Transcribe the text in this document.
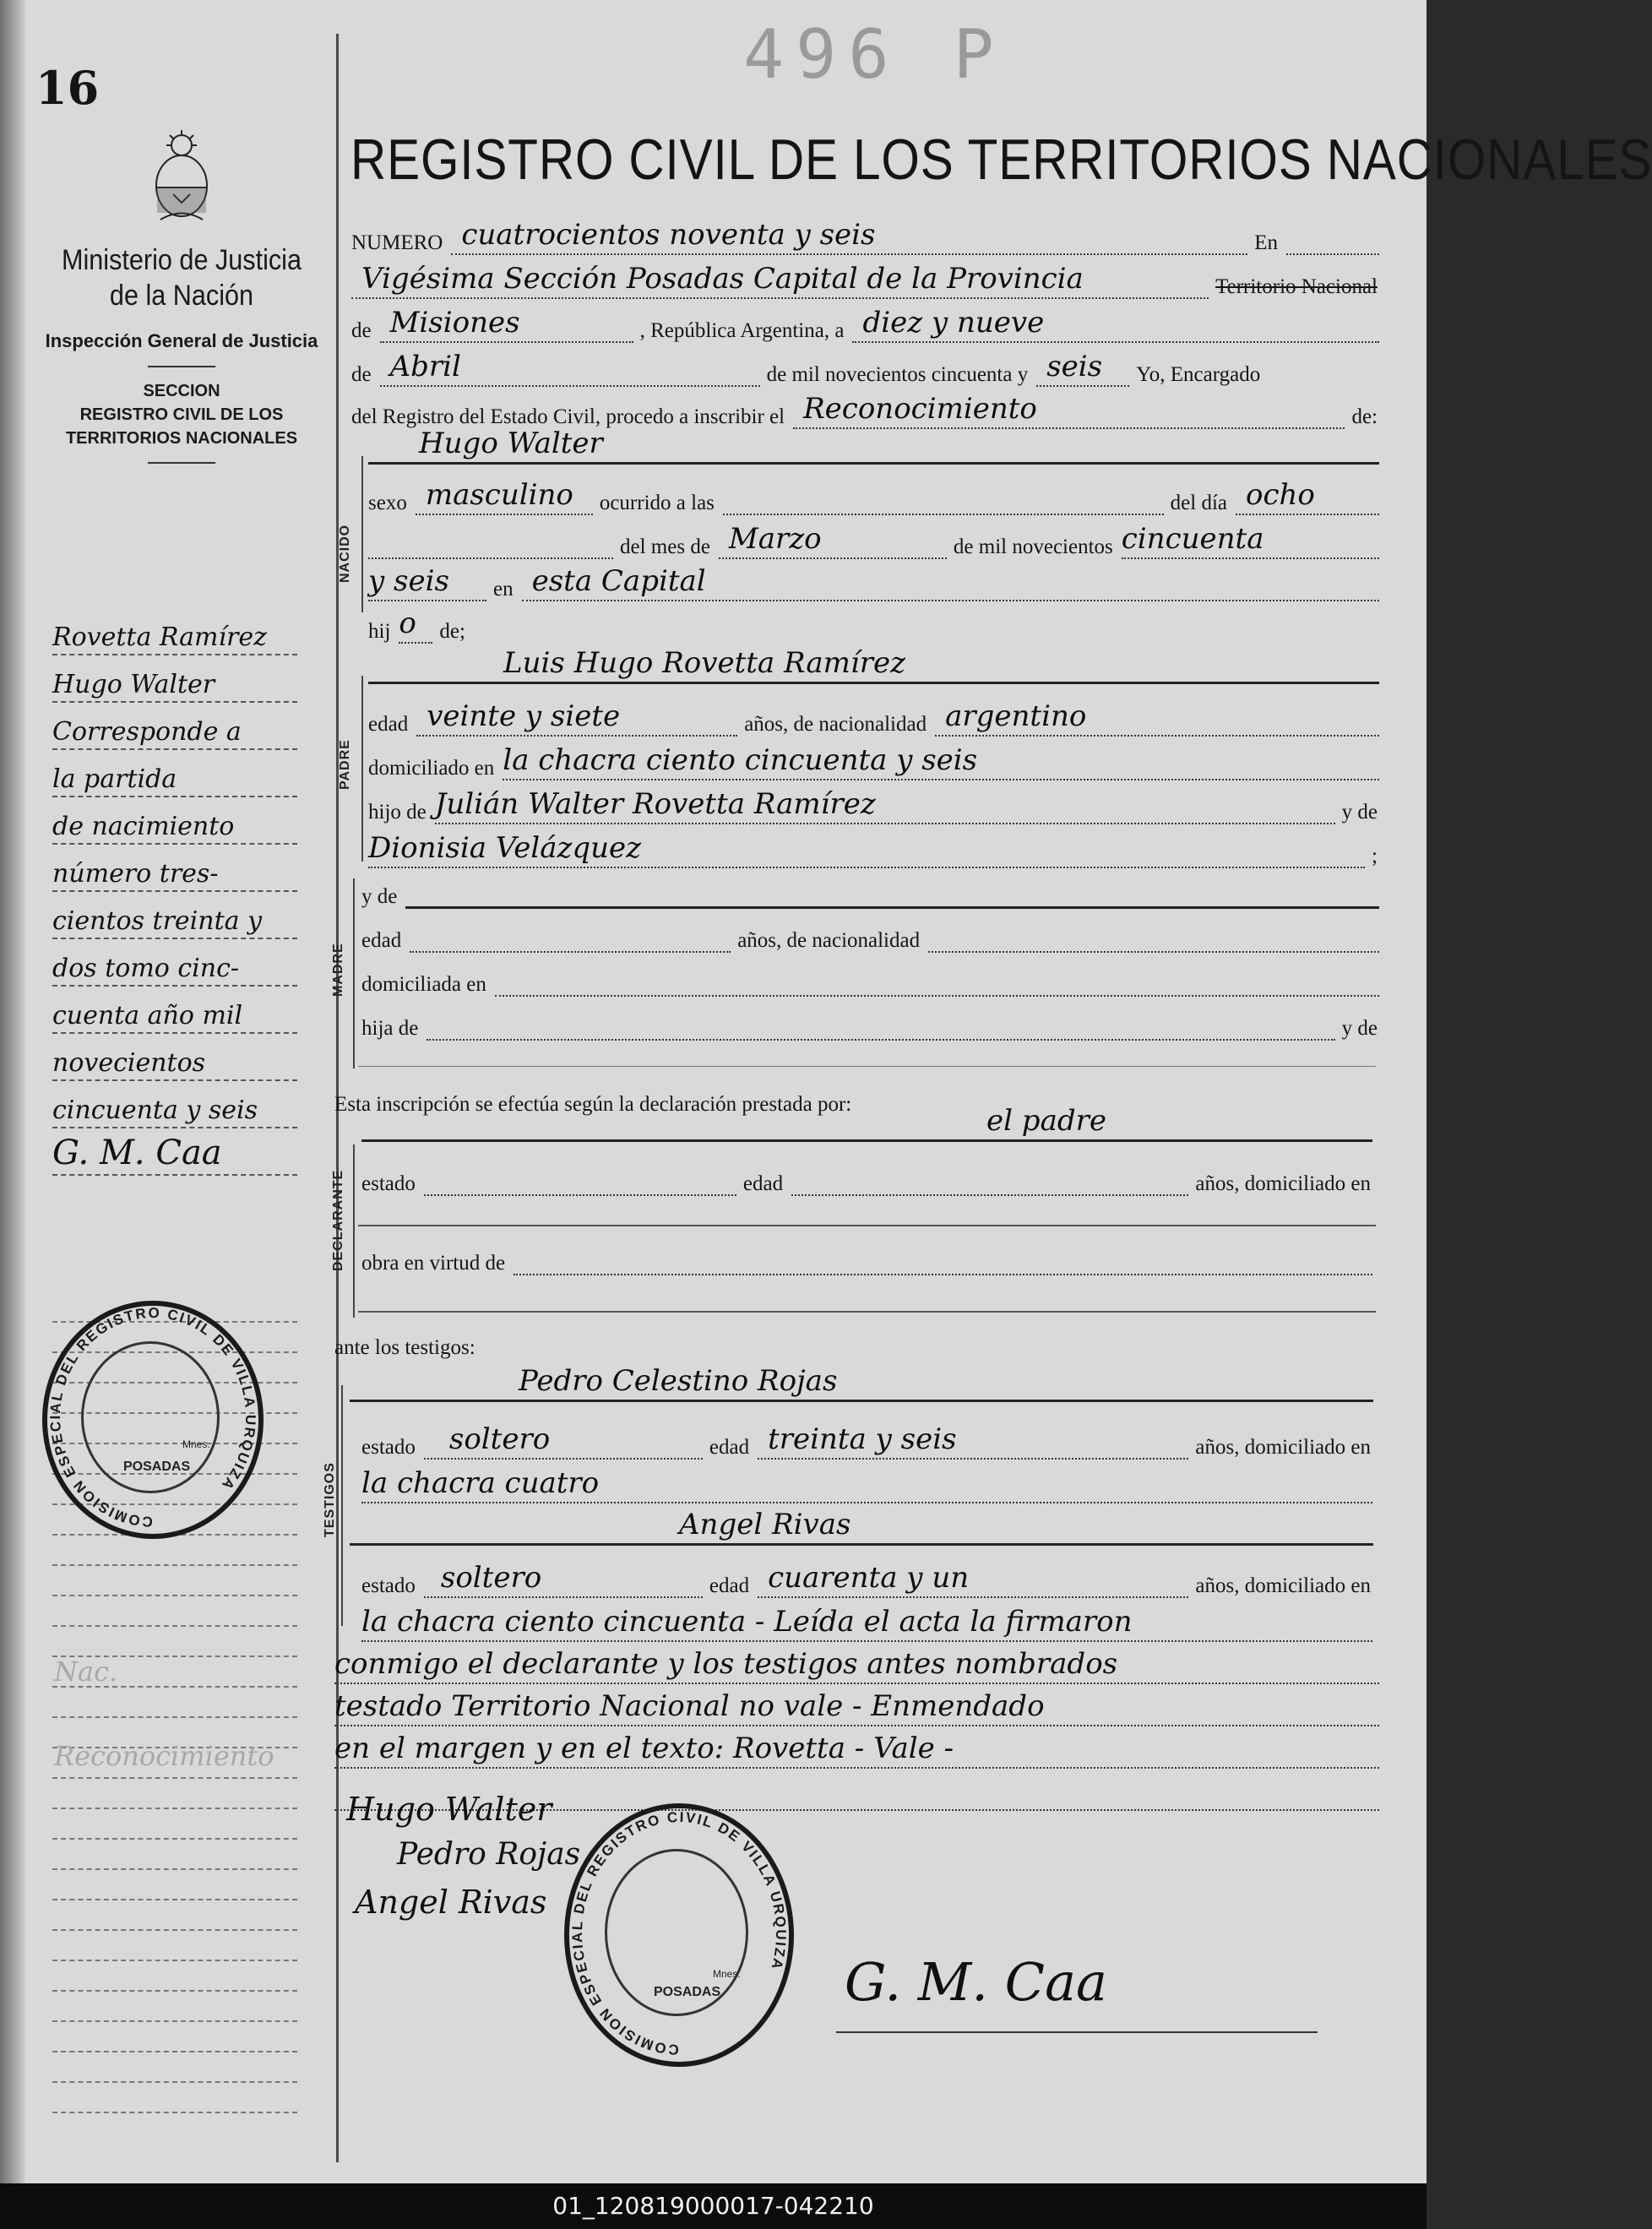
16	496 P
Ministerio de Justicia de la Nación
Inspección General de Justicia
SECCION
REGISTRO CIVIL DE LOS TERRITORIOS NACIONALES
Rovetta Ramírez
Hugo Walter
Corresponde a
la partida
de nacimiento
número tres-
cientos treinta y
dos tomo cinc-
cuenta año mil
novecientos
cincuenta y seis
G. M. Caa
Nac.
Reconocimiento
COMISION ESPECIAL DEL REGISTRO CIVIL DE VILLA URQUIZA
POSADAS
Mnes.
REGISTRO CIVIL DE LOS TERRITORIOS NACIONALES
NUMERO cuatrocientos noventa y seis	En
Vigésima Sección Posadas Capital de la Provincia	Territorio Nacional
de Misiones	, República Argentina, a diez y nueve
de Abril	de mil novecientos cincuenta y seis Yo, Encargado
del Registro del Estado Civil, procedo a inscribir el Reconocimiento	de:
NACIDO
Hugo Walter
sexo masculino ocurrido a las	del día ocho
del mes de Marzo	de mil novecientos cincuenta
y seis en esta Capital
hij o de;
PADRE
Luis Hugo Rovetta Ramírez
edad veinte y siete	años, de nacionalidad argentino
domiciliado en la chacra ciento cincuenta y seis
hijo de Julián Walter Rovetta Ramírez	y de
Dionisia Velázquez	;
MADRE
y de
edad	años, de nacionalidad
domiciliada en
hija de	y de
Esta inscripción se efectúa según la declaración prestada por:	el padre
DECLARANTE estado	edad	años, domiciliado en
obra en virtud de
ante los testigos:
TESTIGOS
Pedro Celestino Rojas
estado soltero	edad treinta y seis	años, domiciliado en
la chacra cuatro
Angel Rivas
estado soltero	edad cuarenta y un	años, domiciliado en
la chacra ciento cincuenta - Leída el acta la firmaron
conmigo el declarante y los testigos antes nombrados
testado Territorio Nacional no vale - Enmendado
en el margen y en el texto: Rovetta - Vale -
Hugo Walter
Pedro Rojas
Angel Rivas
G. M. Caa
COMISION ESPECIAL DEL REGISTRO CIVIL DE VILLA URQUIZA
POSADAS
Mnes.
01_120819000017-042210
